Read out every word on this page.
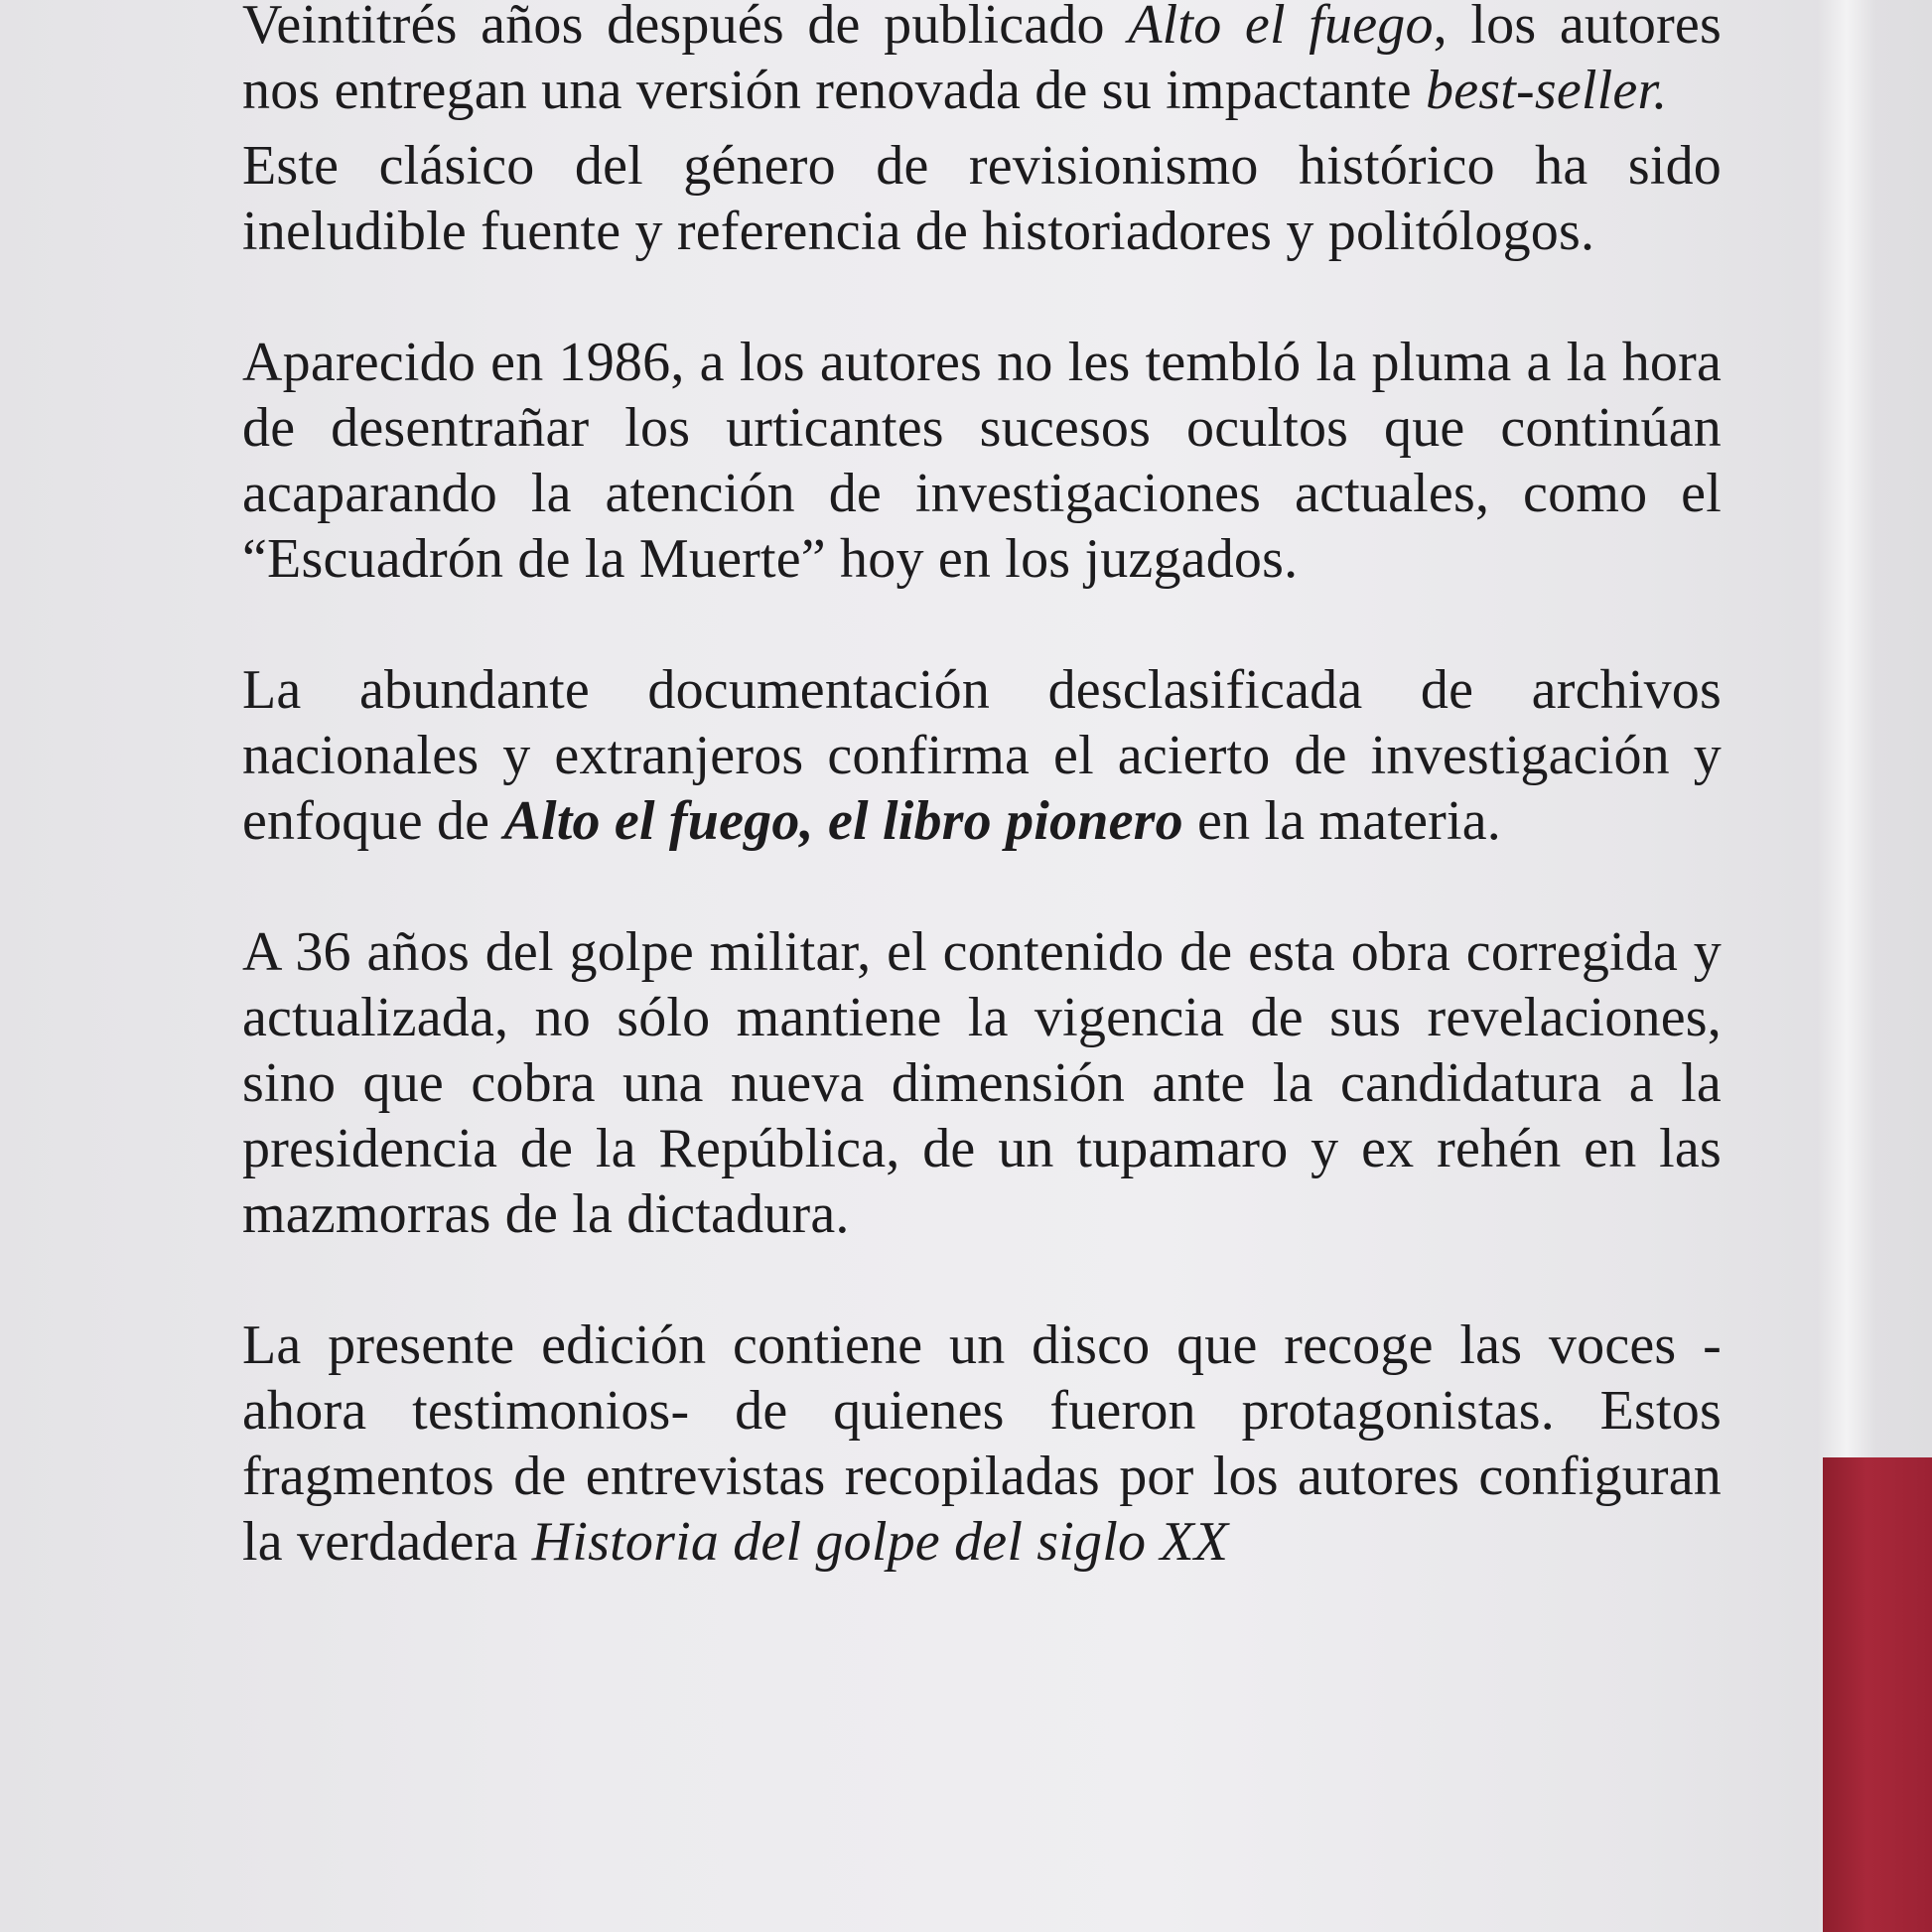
Veintitrés años después de publicado Alto el fuego, los autores nos entregan una versión renovada de su impactante best-seller.

Este clásico del género de revisionismo histórico ha sido ineludible fuente y referencia de historiadores y politólogos.

Aparecido en 1986, a los autores no les tembló la pluma a la hora de desentrañar los urticantes sucesos ocultos que continúan acaparando la atención de investigaciones actuales, como el “Escuadrón de la Muerte” hoy en los juzgados.

La abundante documentación desclasificada de archivos nacionales y extranjeros confirma el acierto de investigación y enfoque de Alto el fuego, el libro pionero en la materia.

A 36 años del golpe militar, el contenido de esta obra corregida y actualizada, no sólo mantiene la vigencia de sus revelaciones, sino que cobra una nueva dimensión ante la candidatura a la presidencia de la República, de un tupamaro y ex rehén en las mazmorras de la dictadura.

La presente edición contiene un disco que recoge las voces - ahora testimonios- de quienes fueron protagonistas. Estos fragmentos de entrevistas recopiladas por los autores configuran la verdadera Historia del golpe del siglo XX
